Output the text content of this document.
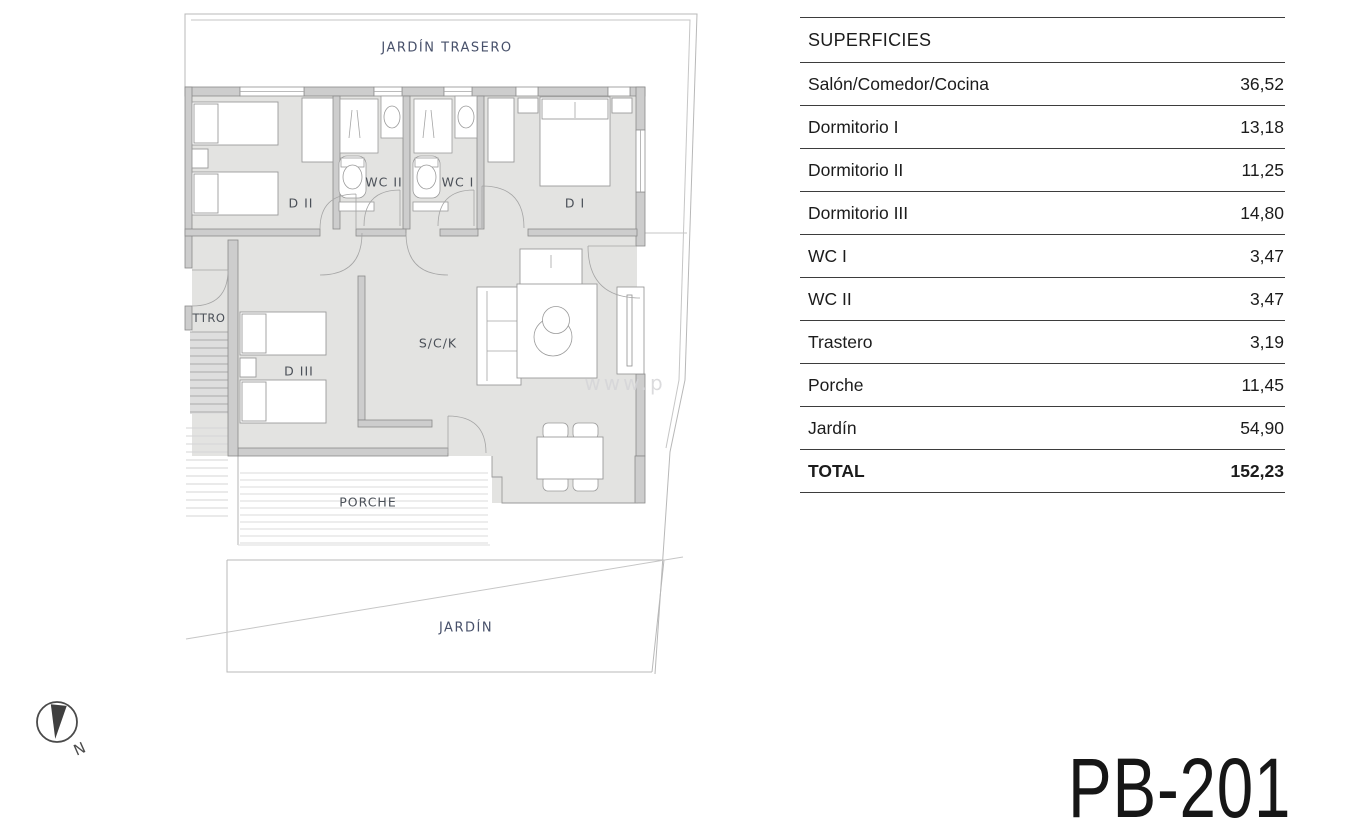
JARDÍN TRASERO
D II
WC II	WC I
D I
TTRO
D III
S/C/K
PORCHE
JARDÍN
www.p
N
SUPERFICIES
Salón/Comedor/Cocina	36,52
Dormitorio I	13,18
Dormitorio II	11,25
Dormitorio III	14,80
WC I	3,47
WC II	3,47
Trastero	3,19
Porche	11,45
Jardín	54,90
TOTAL	152,23
PB-201
